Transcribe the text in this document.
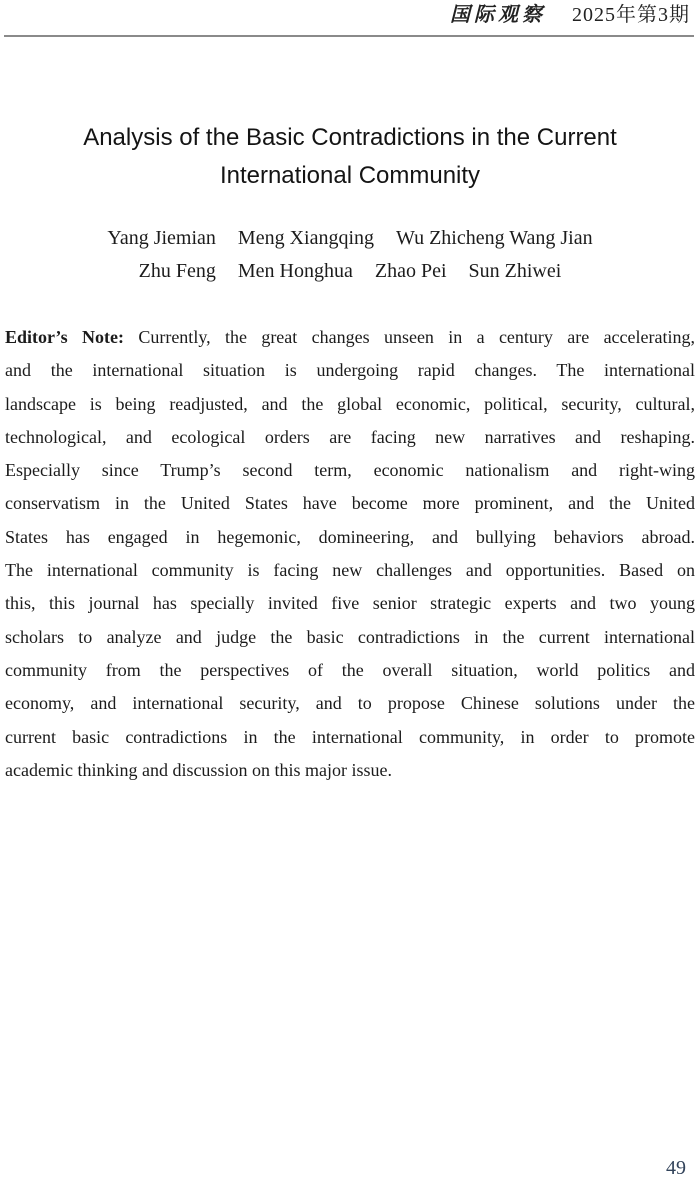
国际观察 2025年第3期
Analysis of the Basic Contradictions in the Current
International Community
Yang Jiemian Meng Xiangqing Wu Zhicheng Wang Jian
Zhu Feng Men Honghua Zhao Pei Sun Zhiwei
Editor’s Note: Currently, the great changes unseen in a century are accelerating,
and the international situation is undergoing rapid changes. The international
landscape is being readjusted, and the global economic, political, security, cultural,
technological, and ecological orders are facing new narratives and reshaping.
Especially since Trump’s second term, economic nationalism and right-wing
conservatism in the United States have become more prominent, and the United
States has engaged in hegemonic, domineering, and bullying behaviors abroad.
The international community is facing new challenges and opportunities. Based on
this, this journal has specially invited five senior strategic experts and two young
scholars to analyze and judge the basic contradictions in the current international
community from the perspectives of the overall situation, world politics and
economy, and international security, and to propose Chinese solutions under the
current basic contradictions in the international community, in order to promote
academic thinking and discussion on this major issue.
49
